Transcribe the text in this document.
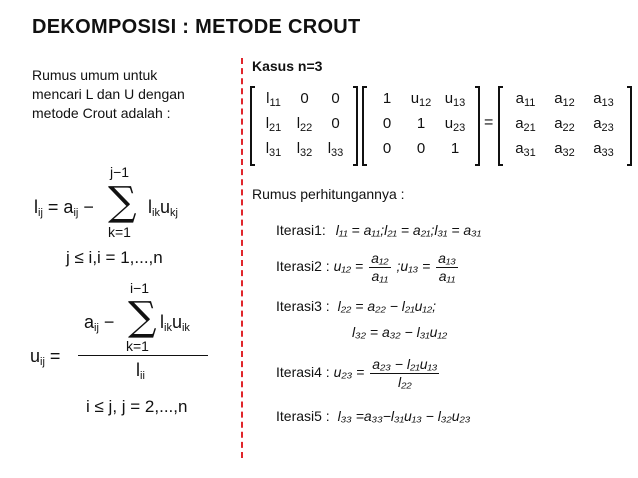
DEKOMPOSISI : METODE CROUT
Rumus umum untuk
mencari L dan U dengan
metode Crout adalah :
j−1
$l_{ij} = a_{ij}$ − ∑ $l_{ik}u_{kj}$
k=1
j ≤ i,i = 1,...,n
i−1
$a_{ij}$ − ∑ $l_{ik}u_{ik}$
k=1
$u_{ij}$ =
$l_{ii}$
i ≤ j, j = 2,...,n
Kasus n=3
$l_{11}$	0	0
$l_{21}$	$l_{22}$	0
$l_{31}$	$l_{32}$	$l_{33}$
1	$u_{12}$ $u_{13}$
0	1	$u_{23}$
0	0	1
=
$a_{11}$	$a_{12}$	$a_{13}$
$a_{21}$	$a_{22}$	$a_{23}$
$a_{31}$	$a_{32}$	$a_{33}$
Rumus perhitungannya :
Iterasi1: l₁₁ = a₁₁;l₂₁ = a₂₁;l₃₁ = a₃₁
Iterasi2 : $u_{12} = \frac{\text{a₁₂}}{\text{a₁₁}}$ ;u₁₃ = $\frac{\text{a₁₃}}{\text{a₁₁}}$
Iterasi3 : l₂₂ = a₂₂ − l₂₁u₁₂;
l₃₂ = a₃₂ − l₃₁u₁₂
Iterasi4 : $u_{23} = \frac{\text{a₂₃ − l₂₁u₁₃}}{\text{l₂₂}}$
Iterasi5 : l₃₃ =a₃₃−l₃₁u₁₃ − l₃₂u₂₃
